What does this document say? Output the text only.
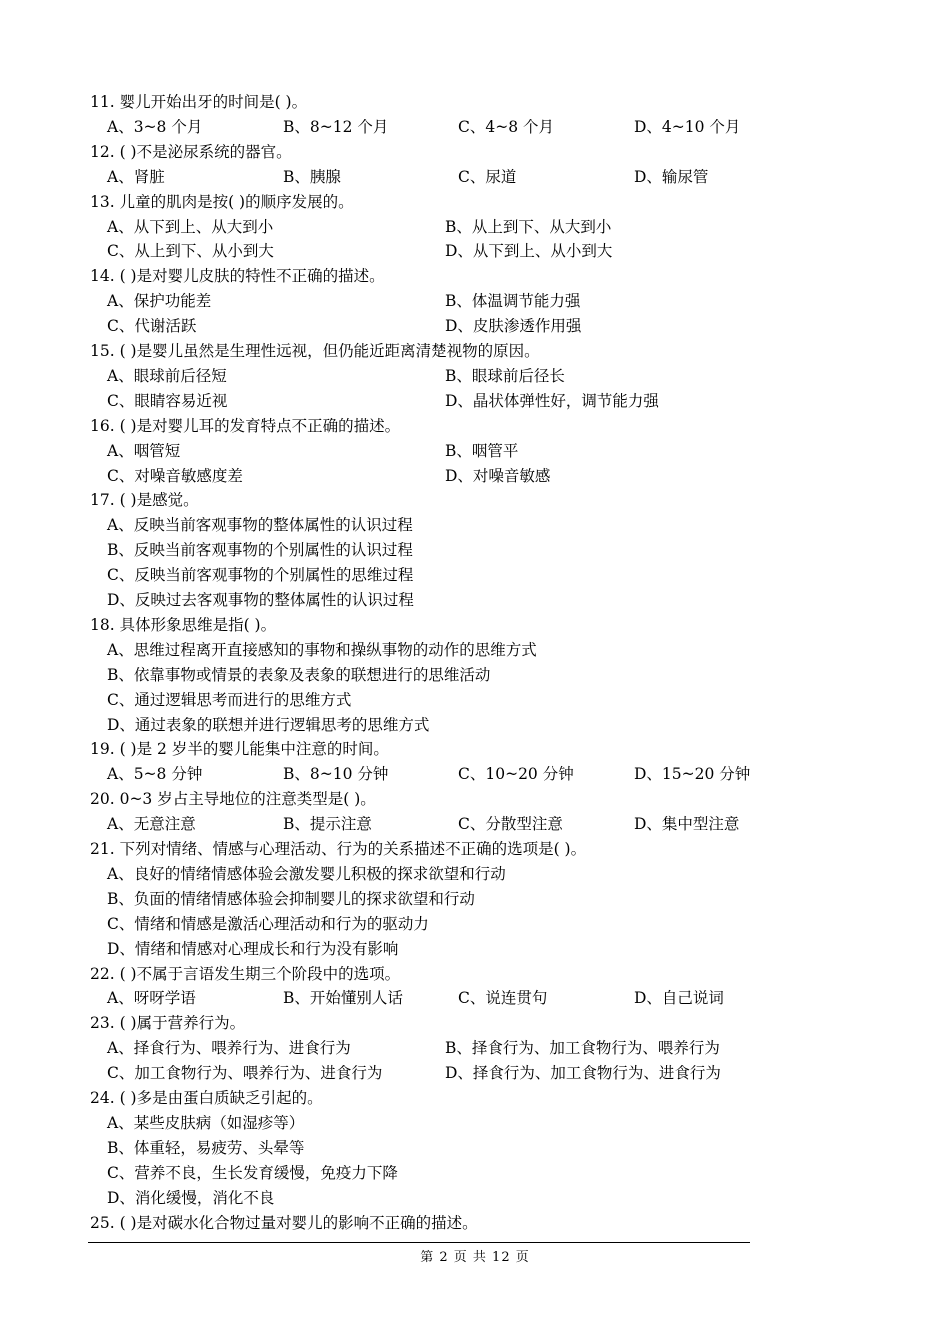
11. 婴儿开始出牙的时间是( )。
A、3~8 个月	B、8~12 个月	C、4~8 个月	D、4~10 个月
12. ( )不是泌尿系统的器官。
A、肾脏	B、胰腺	C、尿道	D、输尿管
13. 儿童的肌肉是按( )的顺序发展的。
A、从下到上、从大到小	B、从上到下、从大到小
C、从上到下、从小到大	D、从下到上、从小到大
14. ( )是对婴儿皮肤的特性不正确的描述。
A、保护功能差	B、体温调节能力强
C、代谢活跃	D、皮肤渗透作用强
15. ( )是婴儿虽然是生理性远视，但仍能近距离清楚视物的原因。
A、眼球前后径短	B、眼球前后径长
C、眼睛容易近视	D、晶状体弹性好，调节能力强
16. ( )是对婴儿耳的发育特点不正确的描述。
A、咽管短	B、咽管平
C、对噪音敏感度差	D、对噪音敏感
17. ( )是感觉。
A、反映当前客观事物的整体属性的认识过程
B、反映当前客观事物的个别属性的认识过程
C、反映当前客观事物的个别属性的思维过程
D、反映过去客观事物的整体属性的认识过程
18. 具体形象思维是指( )。
A、思维过程离开直接感知的事物和操纵事物的动作的思维方式
B、依靠事物或情景的表象及表象的联想进行的思维活动
C、通过逻辑思考而进行的思维方式
D、通过表象的联想并进行逻辑思考的思维方式
19. ( )是 2 岁半的婴儿能集中注意的时间。
A、5~8 分钟	B、8~10 分钟	C、10~20 分钟	D、15~20 分钟
20. 0~3 岁占主导地位的注意类型是( )。
A、无意注意	B、提示注意	C、分散型注意	D、集中型注意
21. 下列对情绪、情感与心理活动、行为的关系描述不正确的选项是( )。
A、良好的情绪情感体验会激发婴儿积极的探求欲望和行动
B、负面的情绪情感体验会抑制婴儿的探求欲望和行动
C、情绪和情感是激活心理活动和行为的驱动力
D、情绪和情感对心理成长和行为没有影响
22. ( )不属于言语发生期三个阶段中的选项。
A、呀呀学语	B、开始懂别人话	C、说连贯句	D、自己说词
23. ( )属于营养行为。
A、择食行为、喂养行为、进食行为	B、择食行为、加工食物行为、喂养行为
C、加工食物行为、喂养行为、进食行为	D、择食行为、加工食物行为、进食行为
24. ( )多是由蛋白质缺乏引起的。
A、某些皮肤病（如湿疹等）
B、体重轻，易疲劳、头晕等
C、营养不良，生长发育缓慢，免疫力下降
D、消化缓慢，消化不良
25. ( )是对碳水化合物过量对婴儿的影响不正确的描述。
第 2 页 共 12 页
